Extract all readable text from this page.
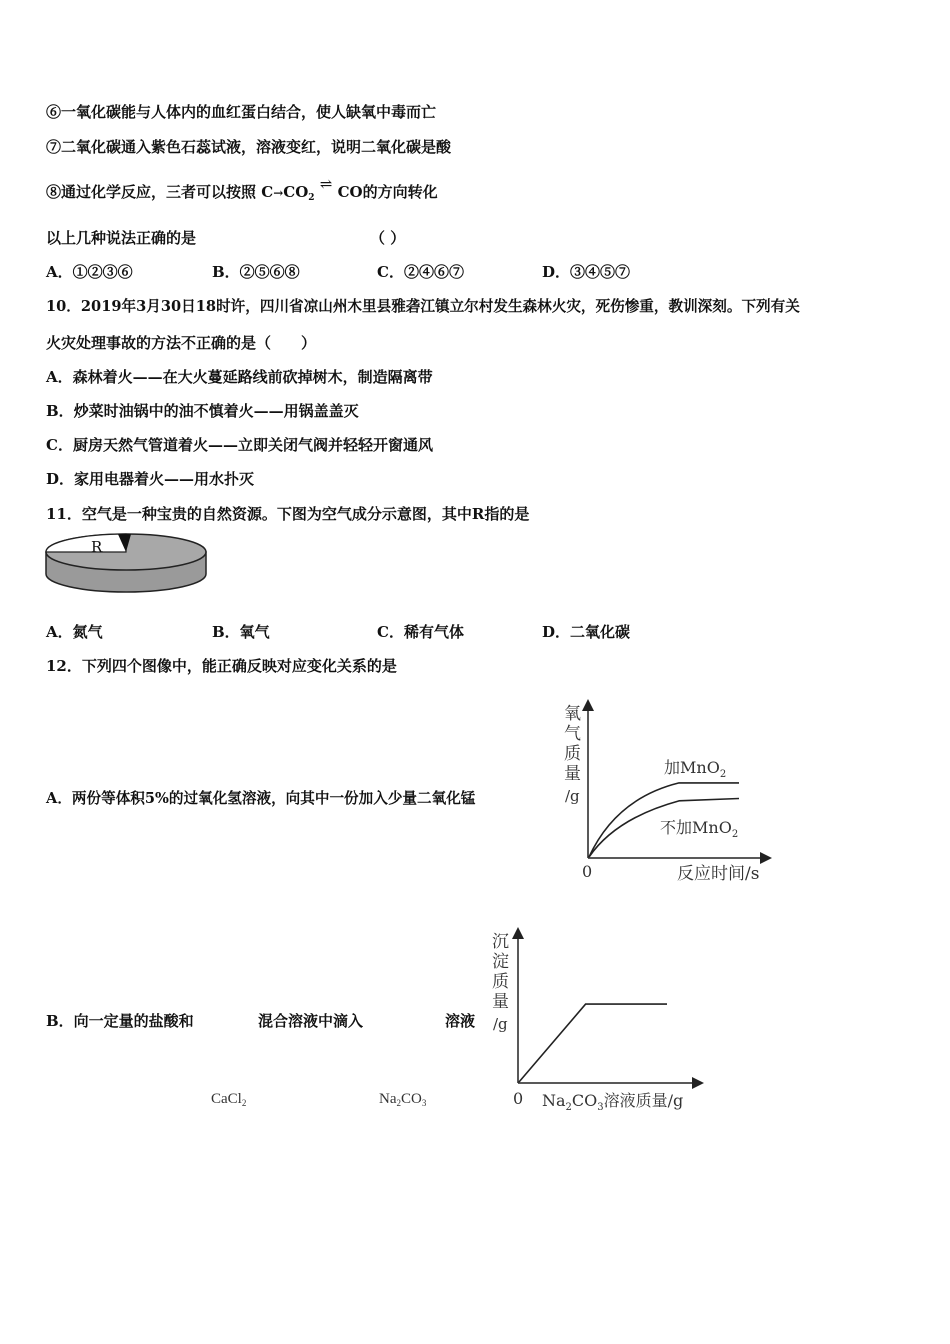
⑥一氧化碳能与人体内的血红蛋白结合，使人缺氧中毒而亡
⑦二氧化碳通入紫色石蕊试液，溶液变红，说明二氧化碳是酸
⑧通过化学反应，三者可以按照 $C\to CO_2$ ⇌ CO的方向转化
以上几种说法正确的是	（ ）
A．①②③⑥	B．②⑤⑥⑧	C．②④⑥⑦	D．③④⑤⑦
10．2019年3月30日18时许，四川省凉山州木里县雅砻江镇立尔村发生森林火灾，死伤惨重，教训深刻。下列有关
火灾处理事故的方法不正确的是（　　）
A．森林着火——在大火蔓延路线前砍掉树木，制造隔离带
B．炒菜时油锅中的油不慎着火——用锅盖盖灭
C．厨房天然气管道着火——立即关闭气阀并轻轻开窗通风
D．家用电器着火——用水扑灭
11．空气是一种宝贵的自然资源。下图为空气成分示意图，其中R指的是
R
A．氮气	B．氧气	C．稀有气体	D．二氧化碳
12．下列四个图像中，能正确反映对应变化关系的是
A．两份等体积5%的过氧化氢溶液，向其中一份加入少量二氧化锰
氧
气
质
量
/g
0	反应时间/s
加MnO$_2$
不加MnO$_2$
B．向一定量的盐酸和	混合溶液中滴入	溶液
CaCl$_2$	$Na_2CO_3$
沉
淀
质
量
/g
0 $Na_2CO_3$溶液质量/g
